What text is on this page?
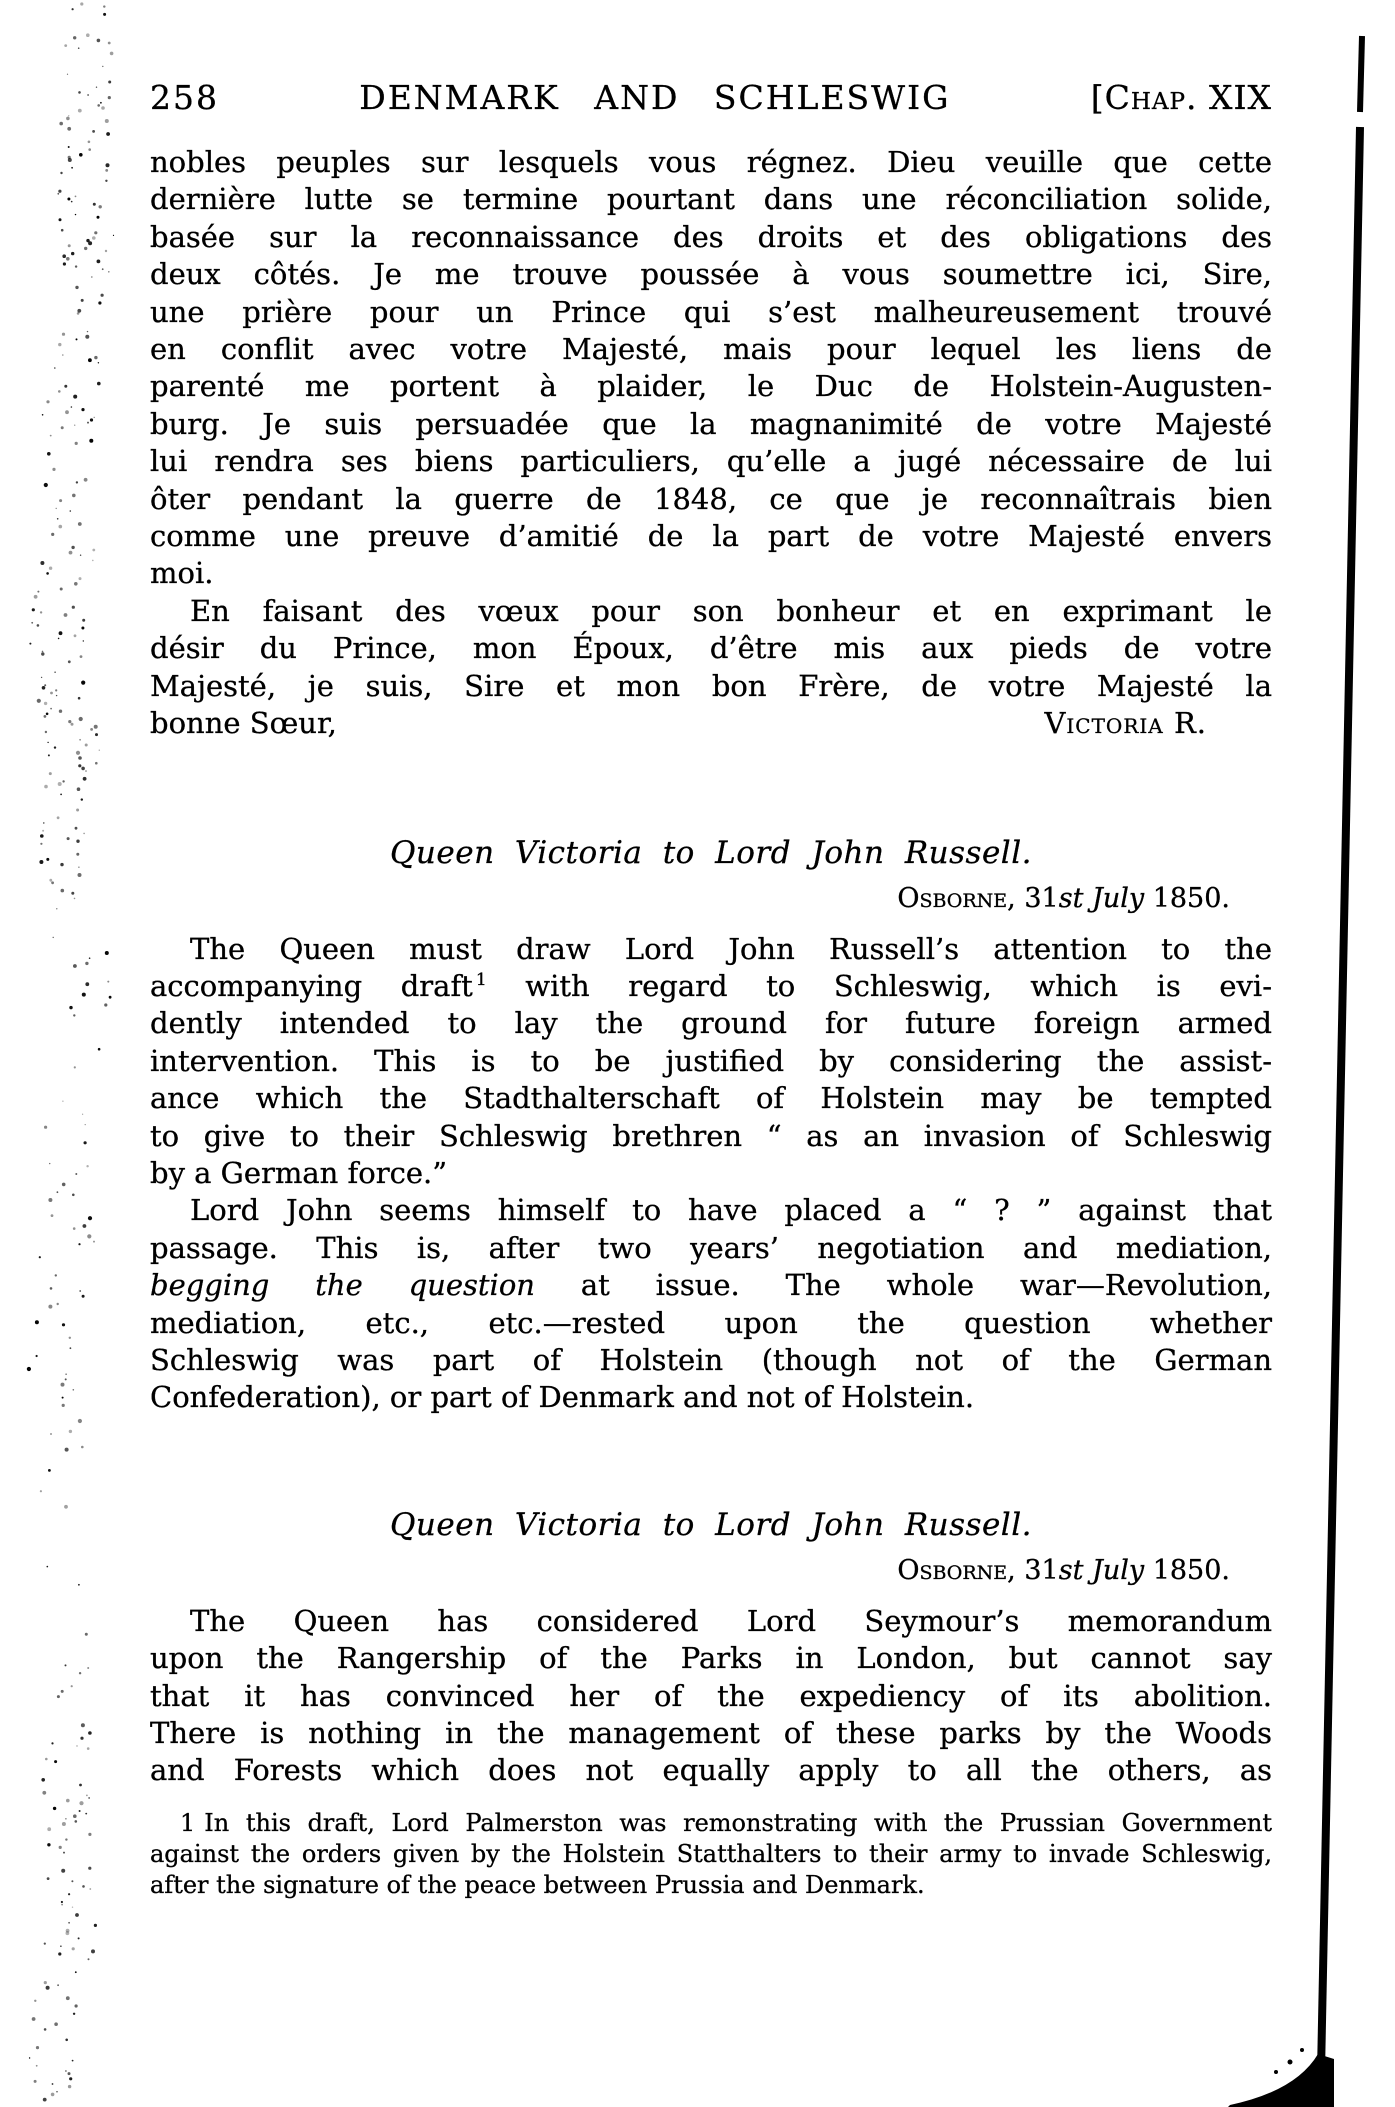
258	DENMARK AND SCHLESWIG	[Chap. XIX
nobles peuples sur lesquels vous régnez. Dieu veuille que cette
dernière lutte se termine pourtant dans une réconciliation solide,
basée sur la reconnaissance des droits et des obligations des
deux côtés. Je me trouve poussée à vous soumettre ici, Sire,
une prière pour un Prince qui s’est malheureusement trouvé
en conflit avec votre Majesté, mais pour lequel les liens de
parenté me portent à plaider, le Duc de Holstein-Augusten-
burg. Je suis persuadée que la magnanimité de votre Majesté
lui rendra ses biens particuliers, qu’elle a jugé nécessaire de lui
ôter pendant la guerre de 1848, ce que je reconnaîtrais bien
comme une preuve d’amitié de la part de votre Majesté envers
moi.
En faisant des vœux pour son bonheur et en exprimant le
désir du Prince, mon Époux, d’être mis aux pieds de votre
Majesté, je suis, Sire et mon bon Frère, de votre Majesté la
bonne Sœur,	Victoria R.
Queen Victoria to Lord John Russell.
Osborne, 31st July 1850.
The Queen must draw Lord John Russell’s attention to the
accompanying draft $^1$ with regard to Schleswig, which is evi-
dently intended to lay the ground for future foreign armed
intervention. This is to be justified by considering the assist-
ance which the Stadthalterschaft of Holstein may be tempted
to give to their Schleswig brethren “ as an invasion of Schleswig
by a German force.”
Lord John seems himself to have placed a “ ? ” against that
passage. This is, after two years’ negotiation and mediation,
begging the question at issue. The whole war—Revolution,
mediation, etc., etc.—rested upon the question whether
Schleswig was part of Holstein (though not of the German
Confederation), or part of Denmark and not of Holstein.
Queen Victoria to Lord John Russell.
Osborne, 31st July 1850.
The Queen has considered Lord Seymour’s memorandum
upon the Rangership of the Parks in London, but cannot say
that it has convinced her of the expediency of its abolition.
There is nothing in the management of these parks by the Woods
and Forests which does not equally apply to all the others, as
1 In this draft, Lord Palmerston was remonstrating with the Prussian Government
against the orders given by the Holstein Statthalters to their army to invade Schleswig,
after the signature of the peace between Prussia and Denmark.
